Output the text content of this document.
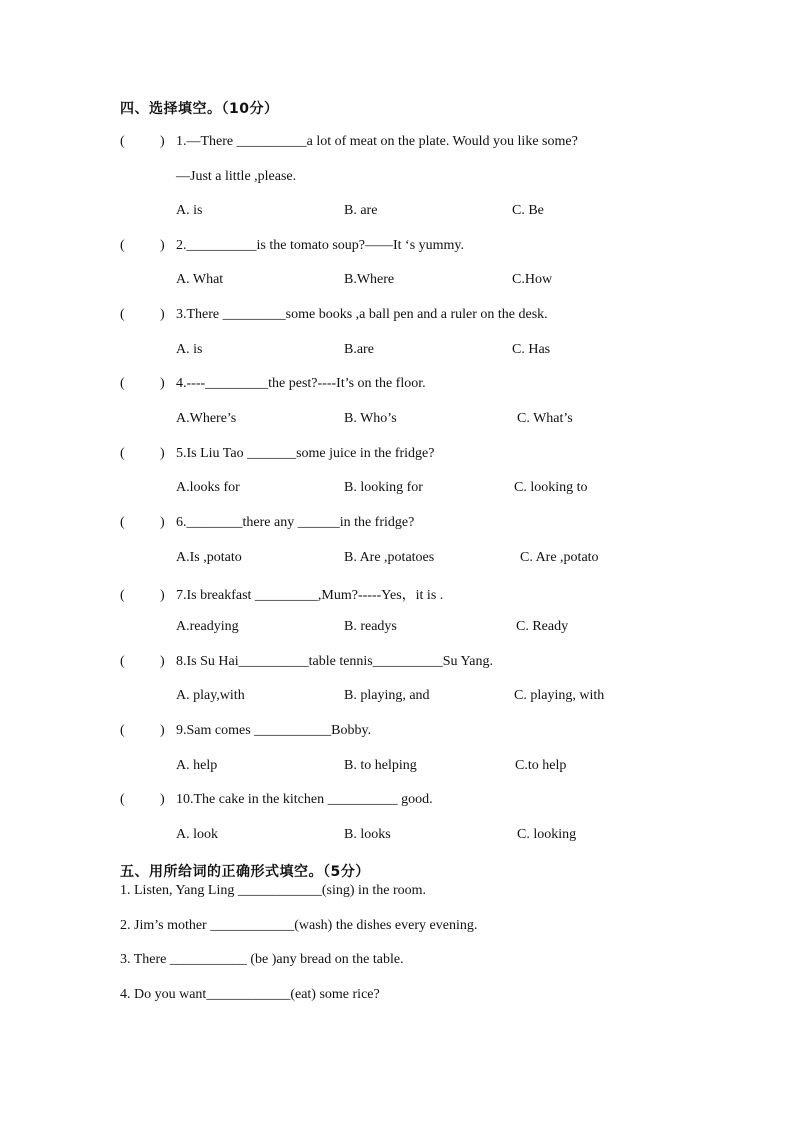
四、选择填空。（10分）
(	) 1.—There __________a lot of meat on the plate. Would you like some?
—Just a little ,please.
A. is	B. are	C. Be
(	) 2.__________is the tomato soup?——It ‘s yummy.
A. What	B.Where	C.How
(	) 3.There _________some books ,a ball pen and a ruler on the desk.
A. is	B.are	C. Has
(	) 4.----_________the pest?----It’s on the floor.
A.Where’s	B. Who’s	C. What’s
(	) 5.Is Liu Tao _______some juice in the fridge?
A.looks for	B. looking for	C. looking to
(	) 6.________there any ______in the fridge?
A.Is ,potato	B. Are ,potatoes	C. Are ,potato
(	) 7.Is breakfast _________,Mum?-----Yes，it is .
A.readying	B. readys	C. Ready
(	) 8.Is Su Hai__________table tennis__________Su Yang.
A. play,with	B. playing, and	C. playing, with
(	) 9.Sam comes ___________Bobby.
A. help	B. to helping	C.to help
(	) 10.The cake in the kitchen __________ good.
A. look	B. looks	C. looking
五、用所给词的正确形式填空。（5分）
1. Listen, Yang Ling ____________(sing) in the room.
2. Jim’s mother ____________(wash) the dishes every evening.
3. There ___________ (be )any bread on the table.
4. Do you want____________(eat) some rice?
